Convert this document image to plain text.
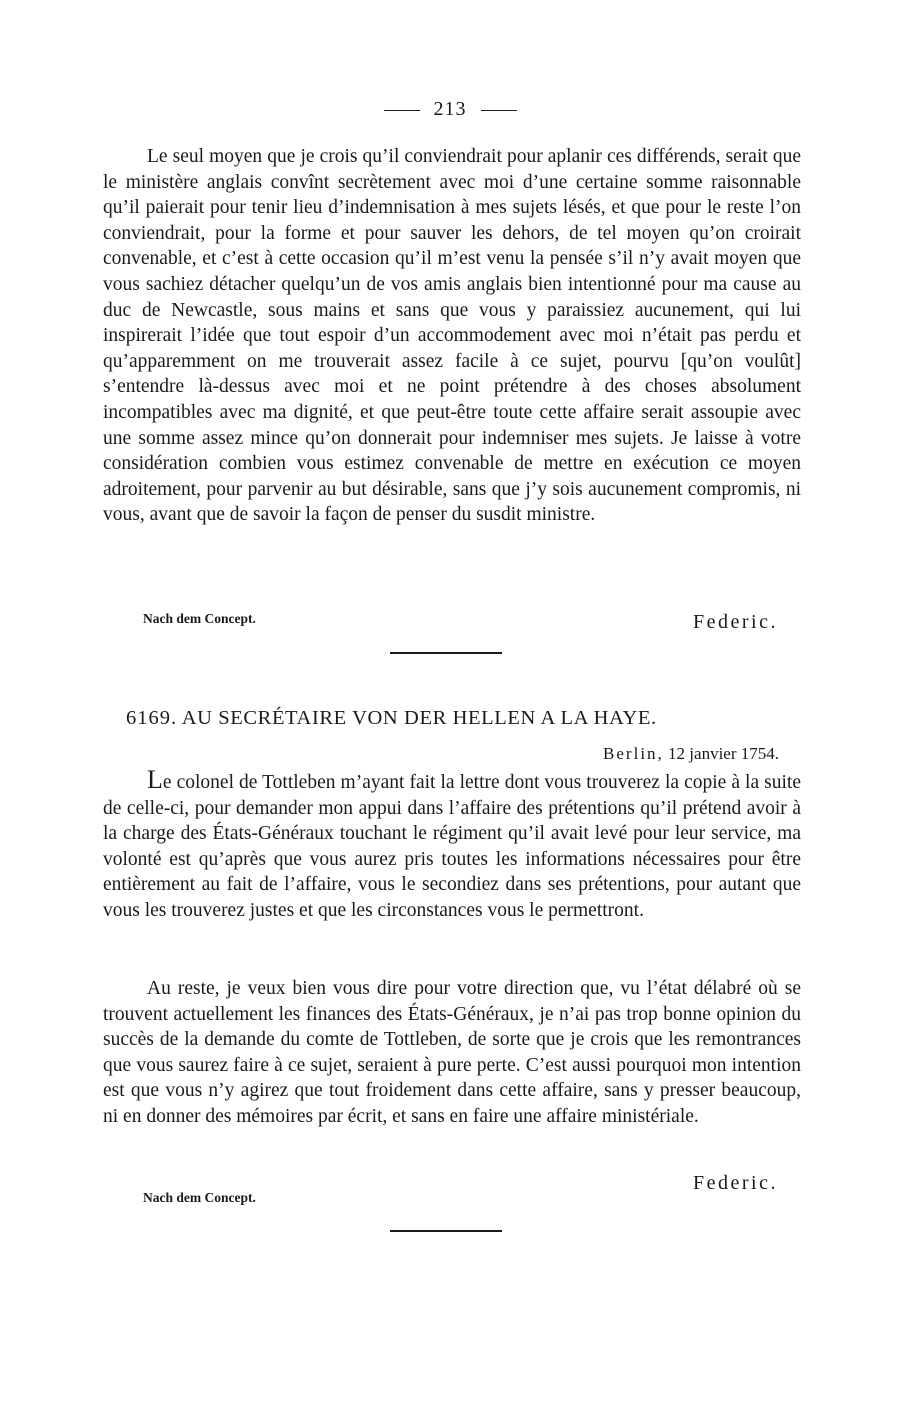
213

Le seul moyen que je crois qu’il conviendrait pour aplanir ces différends, serait que le ministère anglais convînt secrètement avec moi d’une certaine somme raisonnable qu’il paierait pour tenir lieu d’indemnisation à mes sujets lésés, et que pour le reste l’on conviendrait, pour la forme et pour sauver les dehors, de tel moyen qu’on croirait convenable, et c’est à cette occasion qu’il m’est venu la pensée s’il n’y avait moyen que vous sachiez détacher quelqu’un de vos amis anglais bien intentionné pour ma cause au duc de Newcastle, sous mains et sans que vous y paraissiez aucunement, qui lui inspirerait l’idée que tout espoir d’un accommodement avec moi n’était pas perdu et qu’apparemment on me trouverait assez facile à ce sujet, pourvu [qu’on voulût] s’entendre là-dessus avec moi et ne point prétendre à des choses absolument incompatibles avec ma dignité, et que peut-être toute cette affaire serait assoupie avec une somme assez mince qu’on donnerait pour indemniser mes sujets. Je laisse à votre considération combien vous estimez convenable de mettre en exécution ce moyen adroitement, pour parvenir au but désirable, sans que j’y sois aucunement compromis, ni vous, avant que de savoir la façon de penser du susdit ministre.

Nach dem Concept.	Federic.
6169. AU SECRÉTAIRE VON DER HELLEN A LA HAYE.
Berlin, 12 janvier 1754.

Le colonel de Tottleben m’ayant fait la lettre dont vous trouverez la copie à la suite de celle-ci, pour demander mon appui dans l’affaire des prétentions qu’il prétend avoir à la charge des États-Généraux touchant le régiment qu’il avait levé pour leur service, ma volonté est qu’après que vous aurez pris toutes les informations nécessaires pour être entièrement au fait de l’affaire, vous le secondiez dans ses prétentions, pour autant que vous les trouverez justes et que les circonstances vous le permettront.

Au reste, je veux bien vous dire pour votre direction que, vu l’état délabré où se trouvent actuellement les finances des États-Généraux, je n’ai pas trop bonne opinion du succès de la demande du comte de Tottleben, de sorte que je crois que les remontrances que vous saurez faire à ce sujet, seraient à pure perte. C’est aussi pourquoi mon intention est que vous n’y agirez que tout froidement dans cette affaire, sans y presser beaucoup, ni en donner des mémoires par écrit, et sans en faire une affaire ministériale.

Federic.
Nach dem Concept.
